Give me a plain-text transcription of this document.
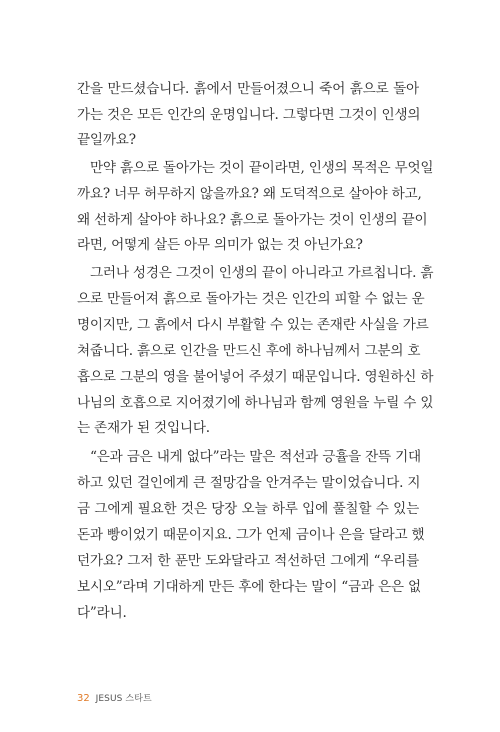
간을 만드셨습니다. 흙에서 만들어졌으니 죽어 흙으로 돌아
가는 것은 모든 인간의 운명입니다. 그렇다면 그것이 인생의
끝일까요?
만약 흙으로 돌아가는 것이 끝이라면, 인생의 목적은 무엇일
까요? 너무 허무하지 않을까요? 왜 도덕적으로 살아야 하고,
왜 선하게 살아야 하나요? 흙으로 돌아가는 것이 인생의 끝이
라면, 어떻게 살든 아무 의미가 없는 것 아닌가요?
그러나 성경은 그것이 인생의 끝이 아니라고 가르칩니다. 흙
으로 만들어져 흙으로 돌아가는 것은 인간의 피할 수 없는 운
명이지만, 그 흙에서 다시 부활할 수 있는 존재란 사실을 가르
쳐줍니다. 흙으로 인간을 만드신 후에 하나님께서 그분의 호
흡으로 그분의 영을 불어넣어 주셨기 때문입니다. 영원하신 하
나님의 호흡으로 지어졌기에 하나님과 함께 영원을 누릴 수 있
는 존재가 된 것입니다.
“은과 금은 내게 없다”라는 말은 적선과 긍휼을 잔뜩 기대
하고 있던 걸인에게 큰 절망감을 안겨주는 말이었습니다. 지
금 그에게 필요한 것은 당장 오늘 하루 입에 풀칠할 수 있는
돈과 빵이었기 때문이지요. 그가 언제 금이나 은을 달라고 했
던가요? 그저 한 푼만 도와달라고 적선하던 그에게 “우리를
보시오”라며 기대하게 만든 후에 한다는 말이 “금과 은은 없
다”라니.
32 JESUS 스타트
